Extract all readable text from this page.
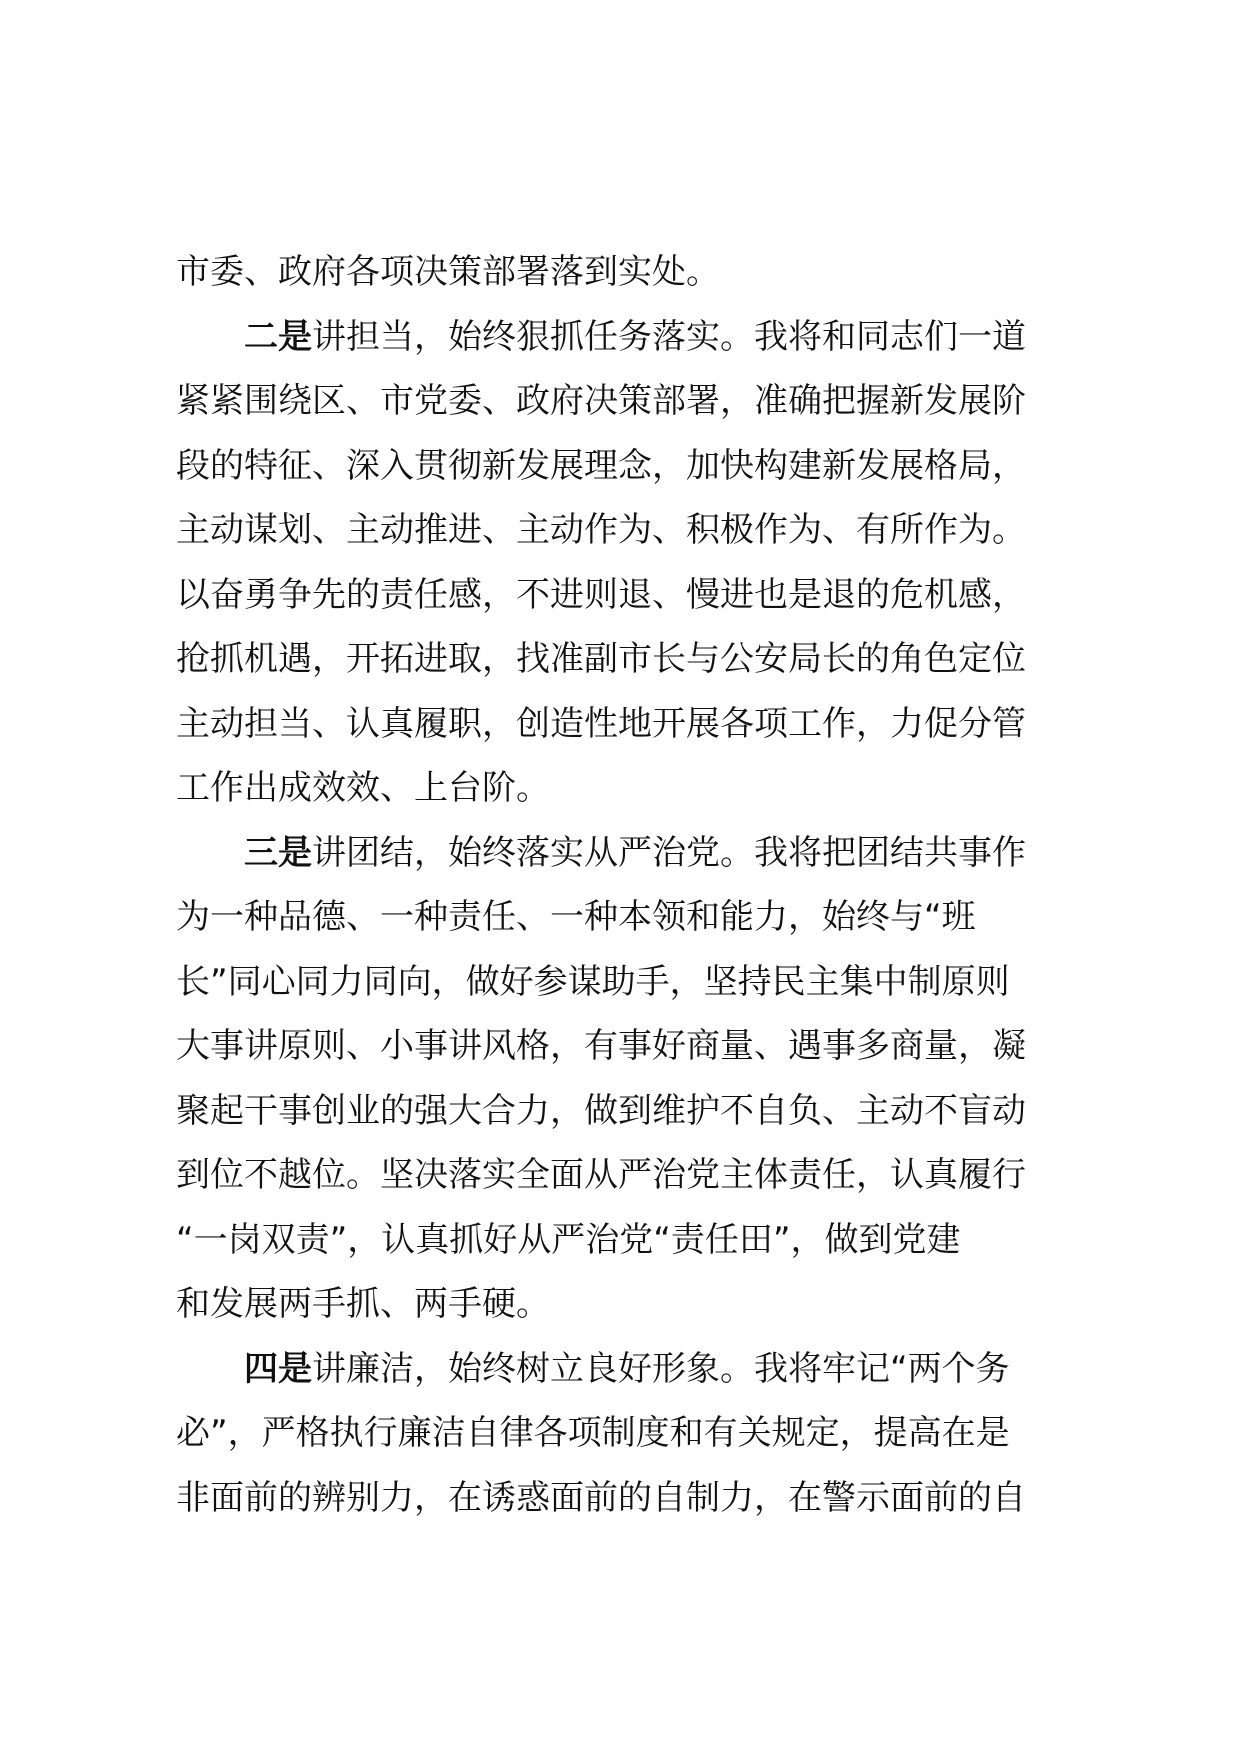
市委、政府各项决策部署落到实处。
二是讲担当，始终狠抓任务落实。我将和同志们一道
紧紧围绕区、市党委、政府决策部署，准确把握新发展阶
段的特征、深入贯彻新发展理念，加快构建新发展格局，
主动谋划、主动推进、主动作为、积极作为、有所作为。
以奋勇争先的责任感，不进则退、慢进也是退的危机感，
抢抓机遇，开拓进取，找准副市长与公安局长的角色定位
主动担当、认真履职，创造性地开展各项工作，力促分管
工作出成效效、上台阶。
三是讲团结，始终落实从严治党。我将把团结共事作
为一种品德、一种责任、一种本领和能力，始终与“班
长”同心同力同向，做好参谋助手，坚持民主集中制原则
大事讲原则、小事讲风格，有事好商量、遇事多商量，凝
聚起干事创业的强大合力，做到维护不自负、主动不盲动
到位不越位。坚决落实全面从严治党主体责任，认真履行
“一岗双责”，认真抓好从严治党“责任田”，做到党建
和发展两手抓、两手硬。
四是讲廉洁，始终树立良好形象。我将牢记“两个务
必”，严格执行廉洁自律各项制度和有关规定，提高在是
非面前的辨别力，在诱惑面前的自制力，在警示面前的自
